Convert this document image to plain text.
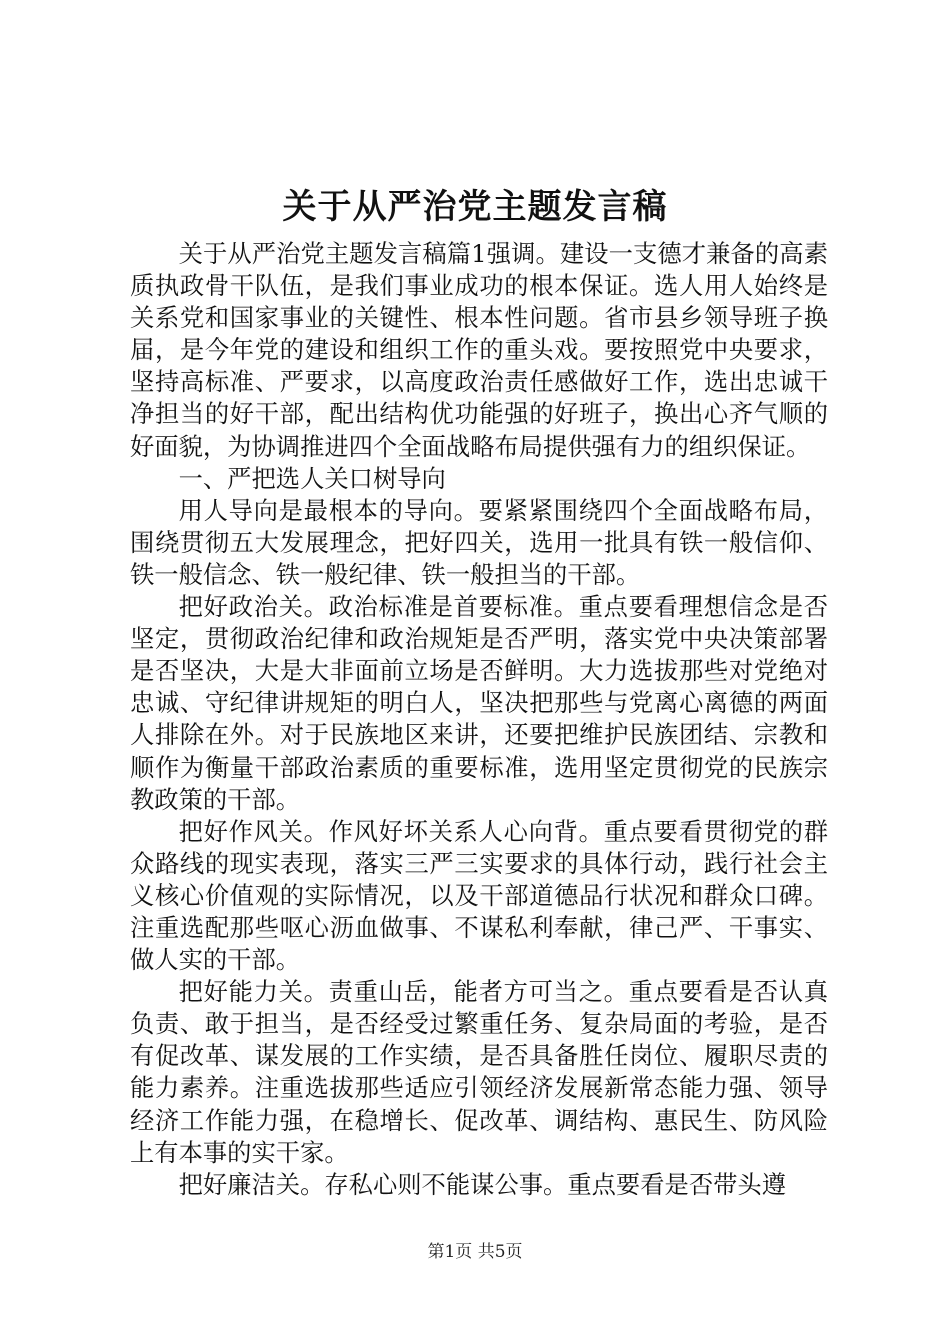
关于从严治党主题发言稿

关于从严治党主题发言稿篇1强调。建设一支德才兼备的高素质执政骨干队伍，是我们事业成功的根本保证。选人用人始终是关系党和国家事业的关键性、根本性问题。省市县乡领导班子换届，是今年党的建设和组织工作的重头戏。要按照党中央要求，坚持高标准、严要求，以高度政治责任感做好工作，选出忠诚干净担当的好干部，配出结构优功能强的好班子，换出心齐气顺的好面貌，为协调推进四个全面战略布局提供强有力的组织保证。

一、严把选人关口树导向

用人导向是最根本的导向。要紧紧围绕四个全面战略布局，围绕贯彻五大发展理念，把好四关，选用一批具有铁一般信仰、铁一般信念、铁一般纪律、铁一般担当的干部。

把好政治关。政治标准是首要标准。重点要看理想信念是否坚定，贯彻政治纪律和政治规矩是否严明，落实党中央决策部署是否坚决，大是大非面前立场是否鲜明。大力选拔那些对党绝对忠诚、守纪律讲规矩的明白人，坚决把那些与党离心离德的两面人排除在外。对于民族地区来讲，还要把维护民族团结、宗教和顺作为衡量干部政治素质的重要标准，选用坚定贯彻党的民族宗教政策的干部。

把好作风关。作风好坏关系人心向背。重点要看贯彻党的群众路线的现实表现，落实三严三实要求的具体行动，践行社会主义核心价值观的实际情况，以及干部道德品行状况和群众口碑。注重选配那些呕心沥血做事、不谋私利奉献，律己严、干事实、做人实的干部。

把好能力关。责重山岳，能者方可当之。重点要看是否认真负责、敢于担当，是否经受过繁重任务、复杂局面的考验，是否有促改革、谋发展的工作实绩，是否具备胜任岗位、履职尽责的能力素养。注重选拔那些适应引领经济发展新常态能力强、领导经济工作能力强，在稳增长、促改革、调结构、惠民生、防风险上有本事的实干家。

把好廉洁关。存私心则不能谋公事。重点要看是否带头遵

第1页 共5页
